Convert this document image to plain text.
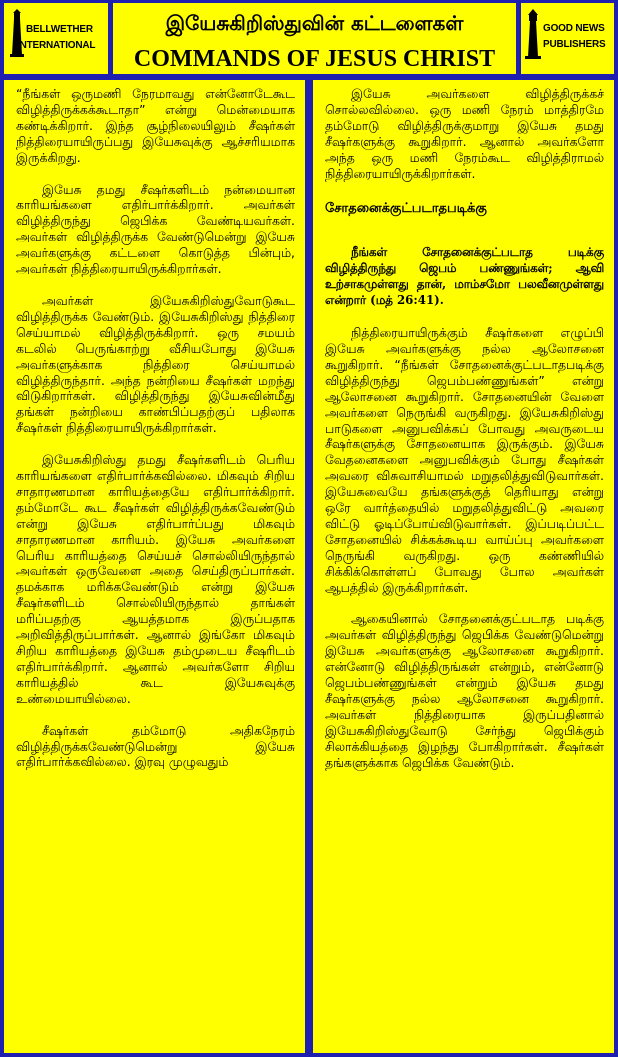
BELLWETHER
INTERNATIONAL
இயேசுகிறிஸ்துவின் கட்டளைகள்
COMMANDS OF JESUS CHRIST
GOOD NEWS
PUBLISHERS

“நீங்கள் ஒருமணி நேரமாவது என்னோடேகூட விழித்திருக்கக்கூடாதா” என்று மென்மையாக கண்டிக்கிறார். இந்த சூழ்நிலையிலும் சீஷர்கள் நித்திரையாயிருப்பது இயேசுவுக்கு ஆச்சரியமாக இருக்கிறது.

இயேசு தமது சீஷர்களிடம் நன்மையான காரியங்களை எதிர்பார்க்கிறார். அவர்கள் விழித்திருந்து ஜெபிக்க வேண்டியவர்கள். அவர்கள் விழித்திருக்க வேண்டுமென்று இயேசு அவர்களுக்கு கட்டளை கொடுத்த பின்பும், அவர்கள் நித்திரையாயிருக்கிறார்கள்.

அவர்கள் இயேசுகிறிஸ்துவோடுகூட விழித்திருக்க வேண்டும். இயேசுகிறிஸ்து நித்திரை செய்யாமல் விழித்திருக்கிறார். ஒரு சமயம் கடலில் பெருங்காற்று வீசியபோது இயேசு அவர்களுக்காக நித்திரை செய்யாமல் விழித்திருந்தார். அந்த நன்றியை சீஷர்கள் மறந்து விடுகிறார்கள். விழித்திருந்து இயேசுவின்மீது தங்கள் நன்றியை காண்பிப்பதற்குப் பதிலாக சீஷர்கள் நித்திரையாயிருக்கிறார்கள்.

இயேசுகிறிஸ்து தமது சீஷர்களிடம் பெரிய காரியங்களை எதிர்பார்க்கவில்லை. மிகவும் சிறிய சாதாரணமான காரியத்தையே எதிர்பார்க்கிறார். தம்மோடே கூட சீஷர்கள் விழித்திருக்கவேண்டும் என்று இயேசு எதிர்பார்ப்பது மிகவும் சாதாரணமான காரியம். இயேசு அவர்களை பெரிய காரியத்தை செய்யச் சொல்லியிருந்தால் அவர்கள் ஒருவேளை அதை செய்திருப்பார்கள். தமக்காக மரிக்கவேண்டும் என்று இயேசு சீஷர்களிடம் சொல்லியிருந்தால் தாங்கள் மரிப்பதற்கு ஆயத்தமாக இருப்பதாக அறிவித்திருப்பார்கள். ஆனால் இங்கோ மிகவும் சிறிய காரியத்தை இயேசு தம்முடைய சீஷரிடம் எதிர்பார்க்கிறார். ஆனால் அவர்களோ சிறிய காரியத்தில் கூட இயேசுவுக்கு உண்மையாயில்லை.

சீஷர்கள் தம்மோடு அதிகநேரம் விழித்திருக்கவேண்டுமென்று இயேசு எதிர்பார்க்கவில்லை. இரவு முழுவதும்

இயேசு அவர்களை விழித்திருக்கச் சொல்லவில்லை. ஒரு மணி நேரம் மாத்திரமே தம்மோடு விழித்திருக்குமாறு இயேசு தமது சீஷர்களுக்கு கூறுகிறார். ஆனால் அவர்களோ அந்த ஒரு மணி நேரம்கூட விழித்திராமல் நித்திரையாயிருக்கிறார்கள்.

சோதனைக்குட்படாதபடிக்கு

நீங்கள் சோதனைக்குட்படாத படிக்கு விழித்திருந்து ஜெபம் பண்ணுங்கள்; ஆவி உற்சாகமுள்ளது தான், மாம்சமோ பலவீனமுள்ளது என்றார் (மத் 26:41).

நித்திரையாயிருக்கும் சீஷர்களை எழுப்பி இயேசு அவர்களுக்கு நல்ல ஆலோசனை கூறுகிறார். “நீங்கள் சோதனைக்குட்படாதபடிக்கு விழித்திருந்து ஜெபம்பண்ணுங்கள்” என்று ஆலோசனை கூறுகிறார். சோதனையின் வேளை அவர்களை நெருங்கி வருகிறது. இயேசுகிறிஸ்து பாடுகளை அனுபவிக்கப் போவது அவருடைய சீஷர்களுக்கு சோதனையாக இருக்கும். இயேசு வேதனைகளை அனுபவிக்கும் போது சீஷர்கள் அவரை விசுவாசியாமல் மறுதலித்துவிடுவார்கள். இயேசுவையே தங்களுக்குத் தெரியாது என்று ஒரே வார்த்தையில் மறுதலித்துவிட்டு அவரை விட்டு ஓடிப்போய்விடுவார்கள். இப்படிப்பட்ட சோதனையில் சிக்கக்கூடிய வாய்ப்பு அவர்களை நெருங்கி வருகிறது. ஒரு கண்ணியில் சிக்கிக்கொள்ளப் போவது போல அவர்கள் ஆபத்தில் இருக்கிறார்கள்.

ஆகையினால் சோதனைக்குட்படாத படிக்கு அவர்கள் விழித்திருந்து ஜெபிக்க வேண்டுமென்று இயேசு அவர்களுக்கு ஆலோசனை கூறுகிறார். என்னோடு விழித்திருங்கள் என்றும், என்னோடு ஜெபம்பண்ணுங்கள் என்றும் இயேசு தமது சீஷர்களுக்கு நல்ல ஆலோசனை கூறுகிறார். அவர்கள் நித்திரையாக இருப்பதினால் இயேசுகிறிஸ்துவோடு சேர்ந்து ஜெபிக்கும் சிலாக்கியத்தை இழந்து போகிறார்கள். சீஷர்கள் தங்களுக்காக ஜெபிக்க வேண்டும்.
